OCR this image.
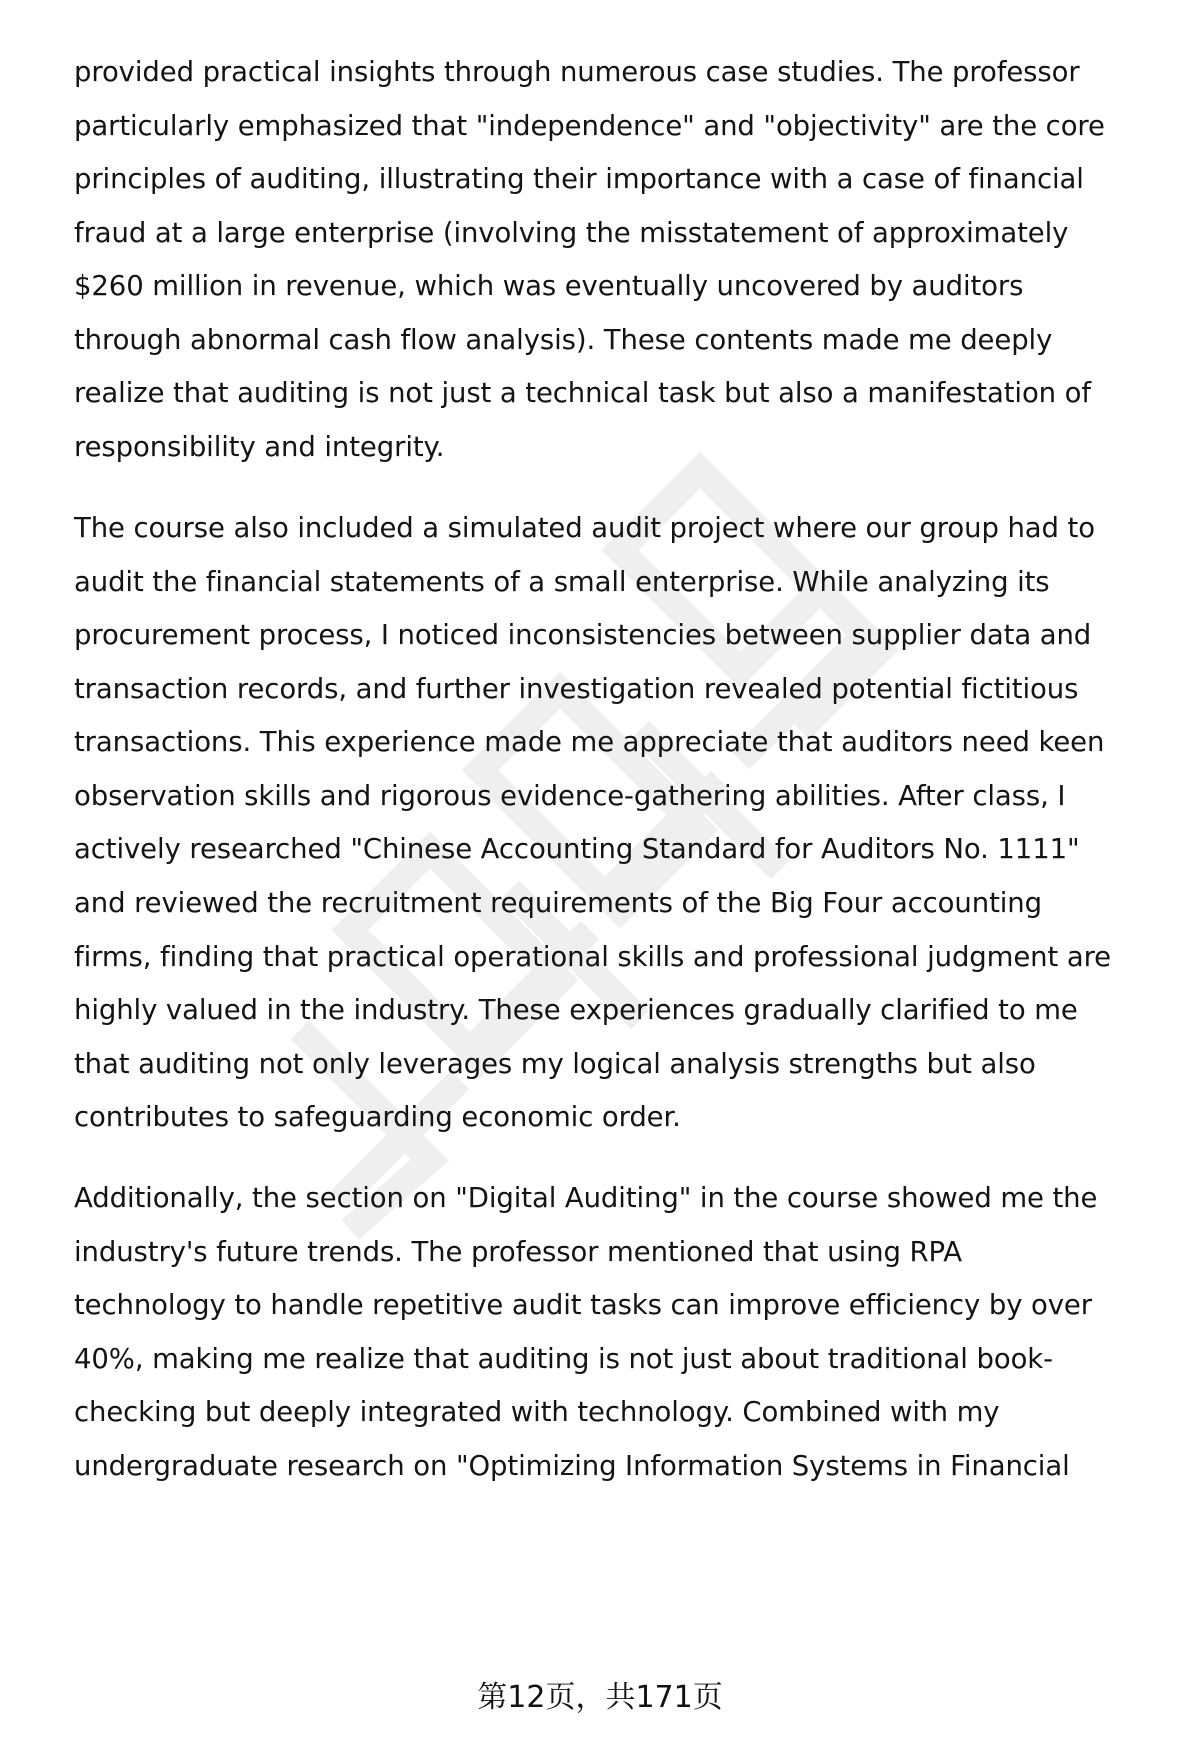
provided practical insights through numerous case studies. The professor
particularly emphasized that "independence" and "objectivity" are the core
principles of auditing, illustrating their importance with a case of financial
fraud at a large enterprise (involving the misstatement of approximately
$260 million in revenue, which was eventually uncovered by auditors
through abnormal cash flow analysis). These contents made me deeply
realize that auditing is not just a technical task but also a manifestation of
responsibility and integrity.
The course also included a simulated audit project where our group had to
audit the financial statements of a small enterprise. While analyzing its
procurement process, I noticed inconsistencies between supplier data and
transaction records, and further investigation revealed potential fictitious
transactions. This experience made me appreciate that auditors need keen
observation skills and rigorous evidence-gathering abilities. After class, I
actively researched "Chinese Accounting Standard for Auditors No. 1111"
and reviewed the recruitment requirements of the Big Four accounting
firms, finding that practical operational skills and professional judgment are
highly valued in the industry. These experiences gradually clarified to me
that auditing not only leverages my logical analysis strengths but also
contributes to safeguarding economic order.
Additionally, the section on "Digital Auditing" in the course showed me the
industry's future trends. The professor mentioned that using RPA
technology to handle repetitive audit tasks can improve efficiency by over
40%, making me realize that auditing is not just about traditional book-
checking but deeply integrated with technology. Combined with my
undergraduate research on "Optimizing Information Systems in Financial
第12页，共171页
